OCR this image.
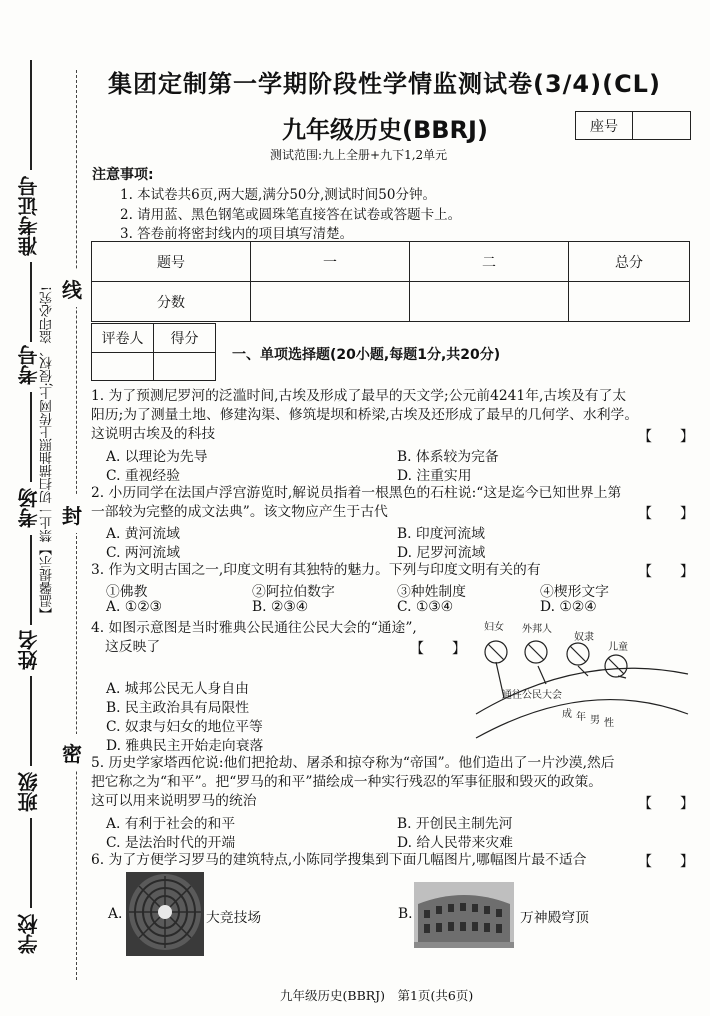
准考证号
考号
考场
姓名
班级
学校
【温馨提示】禁止一切扫描抽照上传网上;侵权、盗印必究! 线
封
密
集团定制第一学期阶段性学情监测试卷(3/4)(CL)
九年级历史(BBRJ)	座号
测试范围:九上全册+九下1,2单元
注意事项:
1. 本试卷共6页,两大题,满分50分,测试时间50分钟。
2. 请用蓝、黑色钢笔或圆珠笔直接答在试卷或答题卡上。
3. 答卷前将密封线内的项目填写清楚。
题号	一	二	总分
分数			
评卷人	得分
一、单项选择题(20小题,每题1分,共20分)
1. 为了预测尼罗河的泛滥时间,古埃及形成了最早的天文学;公元前4241年,古埃及有了太
阳历;为了测量土地、修建沟渠、修筑堤坝和桥梁,古埃及还形成了最早的几何学、水利学。
这说明古埃及的科技	【　　】
A. 以理论为先导	B. 体系较为完备
C. 重视经验	D. 注重实用
2. 小历同学在法国卢浮宫游览时,解说员指着一根黑色的石柱说:“这是迄今已知世界上第
一部较为完整的成文法典”。该文物应产生于古代	【　　】
A. 黄河流域	B. 印度河流域
C. 两河流域	D. 尼罗河流域
3. 作为文明古国之一,印度文明有其独特的魅力。下列与印度文明有关的有	【　　】
①佛教	②阿拉伯数字	③种姓制度	④楔形文字
A. ①②③	B. ②③④	C. ①③④	D. ①②④
4. 如图示意图是当时雅典公民通往公民大会的“通途”,
这反映了	【　　】
A. 城邦公民无人身自由
B. 民主政治具有局限性
C. 奴隶与妇女的地位平等
D. 雅典民主开始走向衰落
妇女 外邦人
奴隶
儿童
通往公民大会
成 年 男 性
5. 历史学家塔西佗说:他们把抢劫、屠杀和掠夺称为“帝国”。他们造出了一片沙漠,然后
把它称之为“和平”。把“罗马的和平”描绘成一种实行残忍的军事征服和毁灭的政策。
这可以用来说明罗马的统治	【　　】
A. 有利于社会的和平	B. 开创民主制先河
C. 是法治时代的开端	D. 给人民带来灾难
6. 为了方便学习罗马的建筑特点,小陈同学搜集到下面几幅图片,哪幅图片最不适合	【　　】
A.	大竞技场	B.	万神殿穹顶
九年级历史(BBRJ)　第1页(共6页)
